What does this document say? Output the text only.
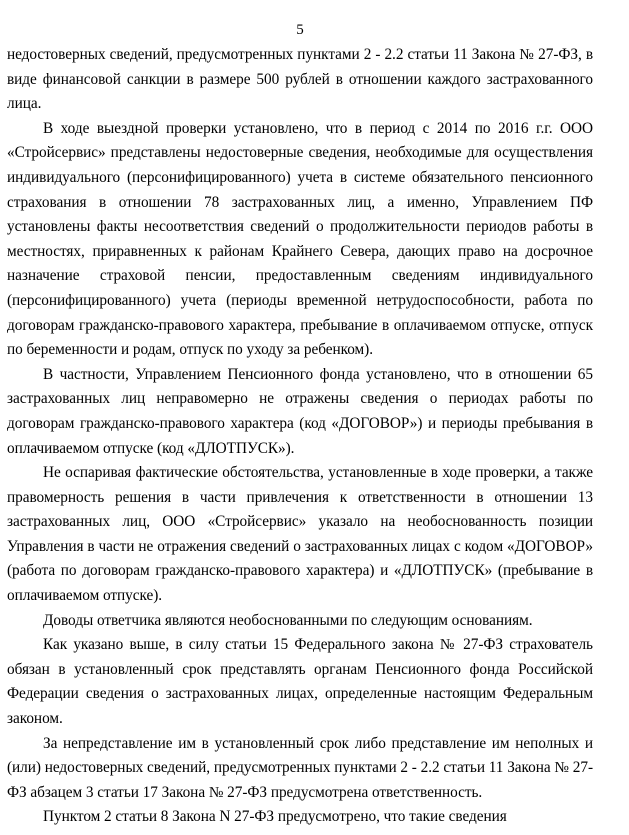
5

недостоверных сведений, предусмотренных пунктами 2 - 2.2 статьи 11 Закона № 27-ФЗ, в виде финансовой санкции в размере 500 рублей в отношении каждого застрахованного лица.

В ходе выездной проверки установлено, что в период с 2014 по 2016 г.г. ООО «Стройсервис» представлены недостоверные сведения, необходимые для осуществления индивидуального (персонифицированного) учета в системе обязательного пенсионного страхования в отношении 78 застрахованных лиц, а именно, Управлением ПФ установлены факты несоответствия сведений о продолжительности периодов работы в местностях, приравненных к районам Крайнего Севера, дающих право на досрочное назначение страховой пенсии, предоставленным сведениям индивидуального (персонифицированного) учета (периоды временной нетрудоспособности, работа по договорам гражданско-правового характера, пребывание в оплачиваемом отпуске, отпуск по беременности и родам, отпуск по уходу за ребенком).

В частности, Управлением Пенсионного фонда установлено, что в отношении 65 застрахованных лиц неправомерно не отражены сведения о периодах работы по договорам гражданско-правового характера (код «ДОГОВОР») и периоды пребывания в оплачиваемом отпуске (код «ДЛОТПУСК»).

Не оспаривая фактические обстоятельства, установленные в ходе проверки, а также правомерность решения в части привлечения к ответственности в отношении 13 застрахованных лиц, ООО «Стройсервис» указало на необоснованность позиции Управления в части не отражения сведений о застрахованных лицах с кодом «ДОГОВОР» (работа по договорам гражданско-правового характера) и «ДЛОТПУСК» (пребывание в оплачиваемом отпуске).

Доводы ответчика являются необоснованными по следующим основаниям.

Как указано выше, в силу статьи 15 Федерального закона № 27-ФЗ страхователь обязан в установленный срок представлять органам Пенсионного фонда Российской Федерации сведения о застрахованных лицах, определенные настоящим Федеральным законом.

За непредставление им в установленный срок либо представление им неполных и (или) недостоверных сведений, предусмотренных пунктами 2 - 2.2 статьи 11 Закона № 27-ФЗ абзацем 3 статьи 17 Закона № 27-ФЗ предусмотрена ответственность.

Пунктом 2 статьи 8 Закона N 27-ФЗ предусмотрено, что такие сведения
